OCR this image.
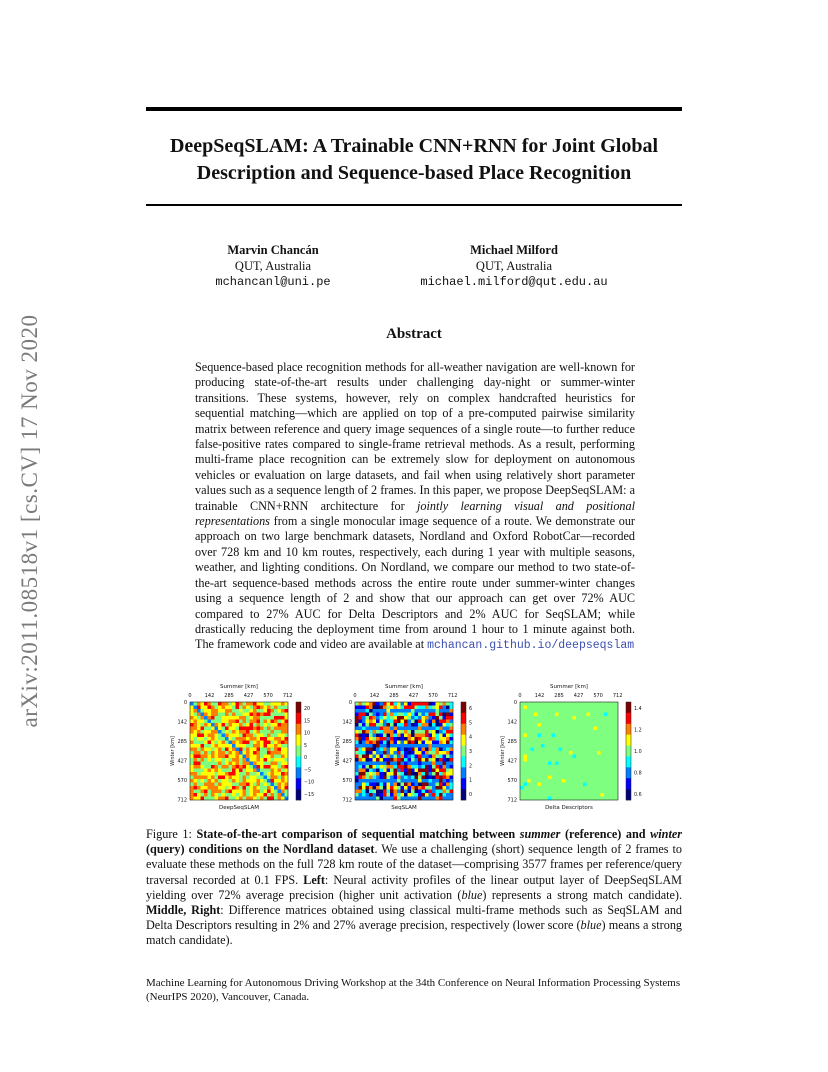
DeepSeqSLAM: A Trainable CNN+RNN for Joint Global
Description and Sequence-based Place Recognition
arXiv:2011.08518v1 [cs.CV] 17 Nov 2020
Marvin Chancán
QUT, Australia
mchancanl@uni.pe
Michael Milford
QUT, Australia
michael.milford@qut.edu.au
Abstract
Sequence-based place recognition methods for all-weather navigation are well-known for producing state-of-the-art results under challenging day-night or summer-winter transitions. These systems, however, rely on complex handcrafted heuristics for sequential matching—which are applied on top of a pre-computed pairwise similarity matrix between reference and query image sequences of a single route—to further reduce false-positive rates compared to single-frame retrieval methods. As a result, performing multi-frame place recognition can be extremely slow for deployment on autonomous vehicles or evaluation on large datasets, and fail when using relatively short parameter values such as a sequence length of 2 frames. In this paper, we propose DeepSeqSLAM: a trainable CNN+RNN architecture for jointly learning visual and positional representations from a single monocular image sequence of a route. We demonstrate our approach on two large benchmark datasets, Nordland and Oxford RobotCar—recorded over 728 km and 10 km routes, respectively, each during 1 year with multiple seasons, weather, and lighting conditions. On Nordland, we compare our method to two state-of-the-art sequence-based methods across the entire route under summer-winter changes using a sequence length of 2 and show that our approach can get over 72% AUC compared to 27% AUC for Delta Descriptors and 2% AUC for SeqSLAM; while drastically reducing the deployment time from around 1 hour to 1 minute against both. The framework code and video are available at mchancan.github.io/deepseqslam
Summer [km]
0
0
142
142
285
285
427
427
570
570
712
712
Winter [km]
20
15
10
5
0
−5
−10
−15
DeepSeqSLAM
Summer [km]
0
0
142
142
285
285
427
427
570
570
712
712
Winter [km]
6
5
4
3
2
1
0
SeqSLAM
Summer [km]
0
0
142
142
285
285
427
427
570
570
712
712
Winter [km]
1.4
1.2
1.0
0.8
0.6
Delta Descriptors
Figure 1: State-of-the-art comparison of sequential matching between summer (reference) and winter (query) conditions on the Nordland dataset. We use a challenging (short) sequence length of 2 frames to evaluate these methods on the full 728 km route of the dataset—comprising 3577 frames per reference/query traversal recorded at 0.1 FPS. Left: Neural activity profiles of the linear output layer of DeepSeqSLAM yielding over 72% average precision (higher unit activation (blue) represents a strong match candidate). Middle, Right: Difference matrices obtained using classical multi-frame methods such as SeqSLAM and Delta Descriptors resulting in 2% and 27% average precision, respectively (lower score (blue) means a strong match candidate).
Machine Learning for Autonomous Driving Workshop at the 34th Conference on Neural Information Processing Systems (NeurIPS 2020), Vancouver, Canada.
